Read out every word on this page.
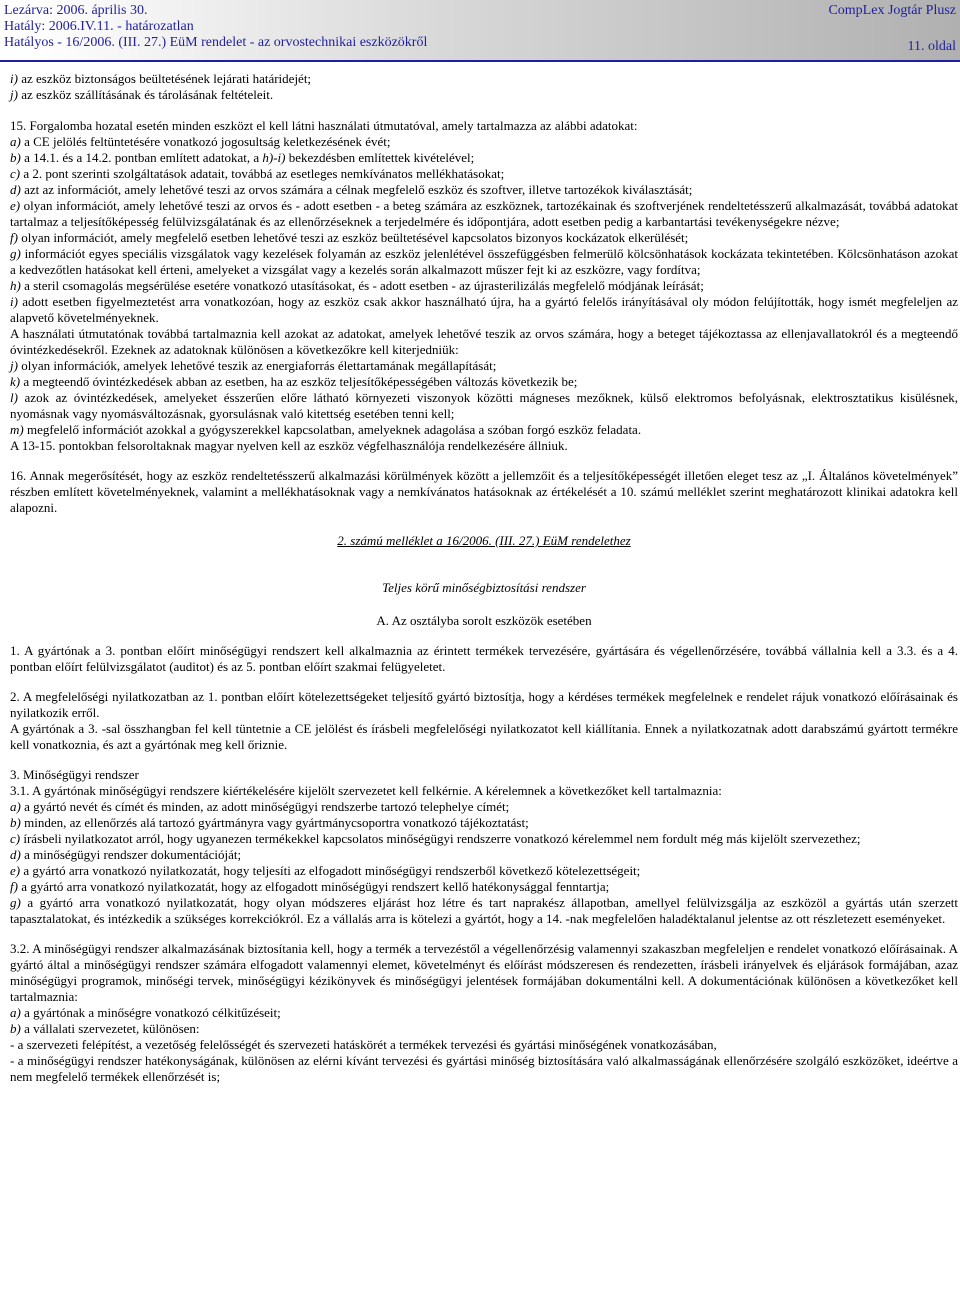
Lezárva: 2006. április 30.
Hatály: 2006.IV.11. - határozatlan
Hatályos - 16/2006. (III. 27.) EüM rendelet - az orvostechnikai eszközökről
CompLex Jogtár Plusz
11. oldal

i) az eszköz biztonságos beültetésének lejárati határidejét;

j) az eszköz szállításának és tárolásának feltételeit.

15. Forgalomba hozatal esetén minden eszközt el kell látni használati útmutatóval, amely tartalmazza az alábbi adatokat:

a) a CE jelölés feltüntetésére vonatkozó jogosultság keletkezésének évét;

b) a 14.1. és a 14.2. pontban említett adatokat, a h)-i) bekezdésben említettek kivételével;

c) a 2. pont szerinti szolgáltatások adatait, továbbá az esetleges nemkívánatos mellékhatásokat;

d) azt az információt, amely lehetővé teszi az orvos számára a célnak megfelelő eszköz és szoftver, illetve tartozékok kiválasztását;

e) olyan információt, amely lehetővé teszi az orvos és - adott esetben - a beteg számára az eszköznek, tartozékainak és szoftverjének rendeltetésszerű alkalmazását, továbbá adatokat tartalmaz a teljesítőképesség felülvizsgálatának és az ellenőrzéseknek a terjedelmére és időpontjára, adott esetben pedig a karbantartási tevékenységekre nézve;

f) olyan információt, amely megfelelő esetben lehetővé teszi az eszköz beültetésével kapcsolatos bizonyos kockázatok elkerülését;

g) információt egyes speciális vizsgálatok vagy kezelések folyamán az eszköz jelenlétével összefüggésben felmerülő kölcsönhatások kockázata tekintetében. Kölcsönhatáson azokat a kedvezőtlen hatásokat kell érteni, amelyeket a vizsgálat vagy a kezelés során alkalmazott műszer fejt ki az eszközre, vagy fordítva;

h) a steril csomagolás megsérülése esetére vonatkozó utasításokat, és - adott esetben - az újrasterilizálás megfelelő módjának leírását;

i) adott esetben figyelmeztetést arra vonatkozóan, hogy az eszköz csak akkor használható újra, ha a gyártó felelős irányításával oly módon felújították, hogy ismét megfeleljen az alapvető követelményeknek.

A használati útmutatónak továbbá tartalmaznia kell azokat az adatokat, amelyek lehetővé teszik az orvos számára, hogy a beteget tájékoztassa az ellenjavallatokról és a megteendő óvintézkedésekről. Ezeknek az adatoknak különösen a következőkre kell kiterjedniük:

j) olyan információk, amelyek lehetővé teszik az energiaforrás élettartamának megállapítását;

k) a megteendő óvintézkedések abban az esetben, ha az eszköz teljesítőképességében változás következik be;

l) azok az óvintézkedések, amelyeket ésszerűen előre látható környezeti viszonyok közötti mágneses mezőknek, külső elektromos befolyásnak, elektrosztatikus kisülésnek, nyomásnak vagy nyomásváltozásnak, gyorsulásnak való kitettség esetében tenni kell;

m) megfelelő információt azokkal a gyógyszerekkel kapcsolatban, amelyeknek adagolása a szóban forgó eszköz feladata.

A 13-15. pontokban felsoroltaknak magyar nyelven kell az eszköz végfelhasználója rendelkezésére állniuk.

16. Annak megerősítését, hogy az eszköz rendeltetésszerű alkalmazási körülmények között a jellemzőit és a teljesítőképességét illetően eleget tesz az „I. Általános követelmények” részben említett követelményeknek, valamint a mellékhatásoknak vagy a nemkívánatos hatásoknak az értékelését a 10. számú melléklet szerint meghatározott klinikai adatokra kell alapozni.

2. számú melléklet a 16/2006. (III. 27.) EüM rendelethez

Teljes körű minőségbiztosítási rendszer

A. Az osztályba sorolt eszközök esetében

1. A gyártónak a 3. pontban előírt minőségügyi rendszert kell alkalmaznia az érintett termékek tervezésére, gyártására és végellenőrzésére, továbbá vállalnia kell a 3.3. és a 4. pontban előírt felülvizsgálatot (auditot) és az 5. pontban előírt szakmai felügyeletet.

2. A megfelelőségi nyilatkozatban az 1. pontban előírt kötelezettségeket teljesítő gyártó biztosítja, hogy a kérdéses termékek megfelelnek e rendelet rájuk vonatkozó előírásainak és nyilatkozik erről.

A gyártónak a 3. -sal összhangban fel kell tüntetnie a CE jelölést és írásbeli megfelelőségi nyilatkozatot kell kiállítania. Ennek a nyilatkozatnak adott darabszámú gyártott termékre kell vonatkoznia, és azt a gyártónak meg kell őriznie.

3. Minőségügyi rendszer

3.1. A gyártónak minőségügyi rendszere kiértékelésére kijelölt szervezetet kell felkérnie. A kérelemnek a következőket kell tartalmaznia:

a) a gyártó nevét és címét és minden, az adott minőségügyi rendszerbe tartozó telephelye címét;

b) minden, az ellenőrzés alá tartozó gyártmányra vagy gyártmánycsoportra vonatkozó tájékoztatást;

c) írásbeli nyilatkozatot arról, hogy ugyanezen termékekkel kapcsolatos minőségügyi rendszerre vonatkozó kérelemmel nem fordult még más kijelölt szervezethez;

d) a minőségügyi rendszer dokumentációját;

e) a gyártó arra vonatkozó nyilatkozatát, hogy teljesíti az elfogadott minőségügyi rendszerből következő kötelezettségeit;

f) a gyártó arra vonatkozó nyilatkozatát, hogy az elfogadott minőségügyi rendszert kellő hatékonysággal fenntartja;

g) a gyártó arra vonatkozó nyilatkozatát, hogy olyan módszeres eljárást hoz létre és tart naprakész állapotban, amellyel felülvizsgálja az eszközöl a gyártás után szerzett tapasztalatokat, és intézkedik a szükséges korrekciókról. Ez a vállalás arra is kötelezi a gyártót, hogy a 14. -nak megfelelően haladéktalanul jelentse az ott részletezett eseményeket.

3.2. A minőségügyi rendszer alkalmazásának biztosítania kell, hogy a termék a tervezéstől a végellenőrzésig valamennyi szakaszban megfeleljen e rendelet vonatkozó előírásainak. A gyártó által a minőségügyi rendszer számára elfogadott valamennyi elemet, követelményt és előírást módszeresen és rendezetten, írásbeli irányelvek és eljárások formájában, azaz minőségügyi programok, minőségi tervek, minőségügyi kézikönyvek és minőségügyi jelentések formájában dokumentálni kell. A dokumentációnak különösen a következőket kell tartalmaznia:

a) a gyártónak a minőségre vonatkozó célkitűzéseit;

b) a vállalati szervezetet, különösen:

- a szervezeti felépítést, a vezetőség felelősségét és szervezeti hatáskörét a termékek tervezési és gyártási minőségének vonatkozásában,

- a minőségügyi rendszer hatékonyságának, különösen az elérni kívánt tervezési és gyártási minőség biztosítására való alkalmasságának ellenőrzésére szolgáló eszközöket, ideértve a nem megfelelő termékek ellenőrzését is;
